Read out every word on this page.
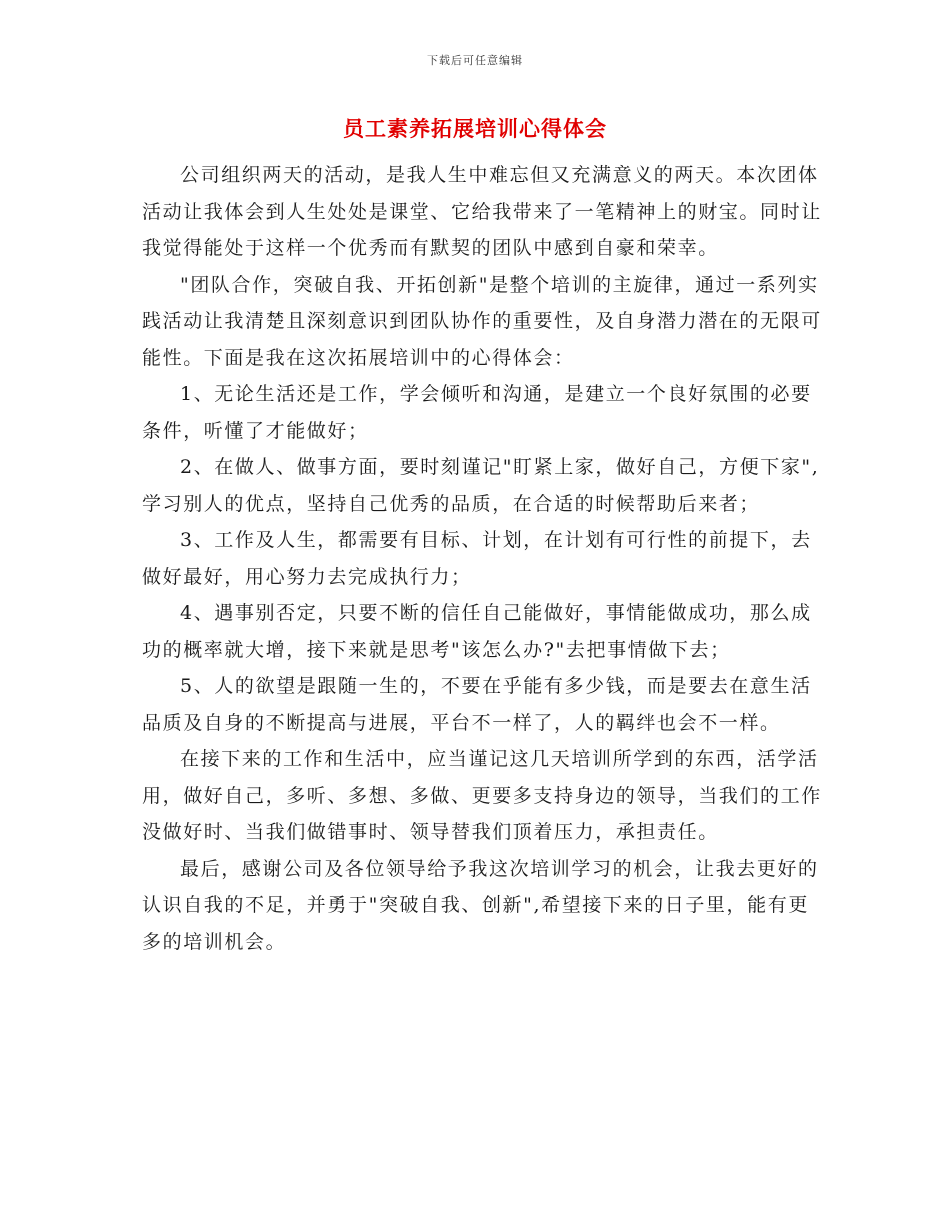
下载后可任意编辑
员工素养拓展培训心得体会

公司组织两天的活动，是我人生中难忘但又充满意义的两天。本次团体活动让我体会到人生处处是课堂、它给我带来了一笔精神上的财宝。同时让我觉得能处于这样一个优秀而有默契的团队中感到自豪和荣幸。

"团队合作，突破自我、开拓创新"是整个培训的主旋律，通过一系列实践活动让我清楚且深刻意识到团队协作的重要性，及自身潜力潜在的无限可能性。下面是我在这次拓展培训中的心得体会：

1、无论生活还是工作，学会倾听和沟通，是建立一个良好氛围的必要条件，听懂了才能做好；

2、在做人、做事方面，要时刻谨记"盯紧上家，做好自己，方便下家",学习别人的优点，坚持自己优秀的品质，在合适的时候帮助后来者；

3、工作及人生，都需要有目标、计划，在计划有可行性的前提下，去做好最好，用心努力去完成执行力；

4、遇事别否定，只要不断的信任自己能做好，事情能做成功，那么成功的概率就大增，接下来就是思考"该怎么办?"去把事情做下去；

5、人的欲望是跟随一生的，不要在乎能有多少钱，而是要去在意生活品质及自身的不断提高与进展，平台不一样了，人的羁绊也会不一样。

在接下来的工作和生活中，应当谨记这几天培训所学到的东西，活学活用，做好自己，多听、多想、多做、更要多支持身边的领导，当我们的工作没做好时、当我们做错事时、领导替我们顶着压力，承担责任。

最后，感谢公司及各位领导给予我这次培训学习的机会，让我去更好的认识自我的不足，并勇于"突破自我、创新",希望接下来的日子里，能有更多的培训机会。
